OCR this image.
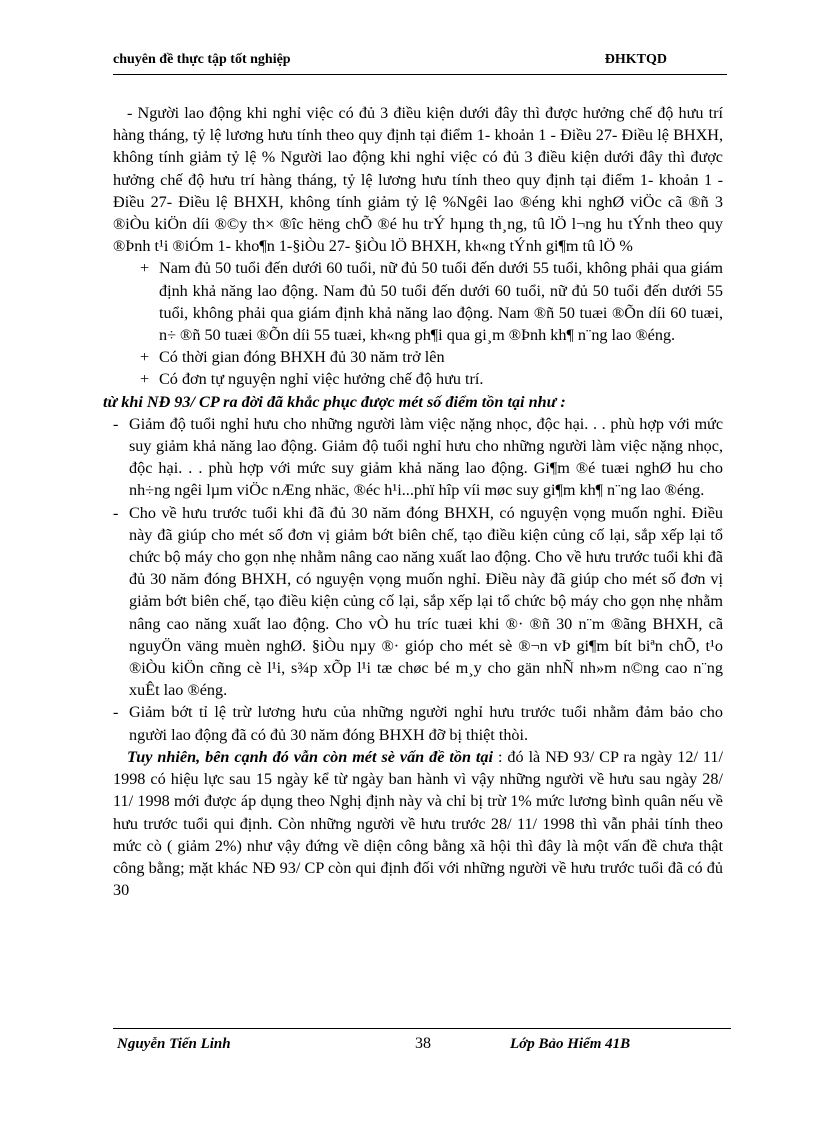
chuyên đề thực tập tốt nghiệp	ĐHKTQD

- Người lao động khi nghỉ việc có đủ 3 điều kiện dưới đây thì được hưởng chế độ hưu trí hàng tháng, tỷ lệ lương hưu tính theo quy định tại điểm 1- khoản 1 - Điều 27- Điều lệ BHXH, không tính giảm tỷ lệ % Người lao động khi nghỉ việc có đủ 3 điều kiện dưới đây thì được hưởng chế độ hưu trí hàng tháng, tỷ lệ lương hưu tính theo quy định tại điểm 1- khoản 1 - Điều 27- Điều lệ BHXH, không tính giảm tỷ lệ %Ngêi lao ®éng khi nghØ viÖc cã ®ñ 3 ®iÒu kiÖn díi ®©y th× ®îc hëng chÕ ®é hu trÝ hµng th¸ng, tû lÖ l¬ng hu tÝnh theo quy ®Þnh t¹i ®iÓm 1- kho¶n 1-§iÒu 27- §iÒu lÖ BHXH, kh«ng tÝnh gi¶m tû lÖ %

+ Nam đủ 50 tuổi đến dưới 60 tuổi, nữ đủ 50 tuổi đến dưới 55 tuổi, không phải qua giám định khả năng lao động. Nam đủ 50 tuổi đến dưới 60 tuổi, nữ đủ 50 tuổi đến dưới 55 tuổi, không phải qua giám định khả năng lao động. Nam ®ñ 50 tuæi ®Õn díi 60 tuæi, n÷ ®ñ 50 tuæi ®Õn díi 55 tuæi, kh«ng ph¶i qua gi¸m ®Þnh kh¶ n¨ng lao ®éng.
+ Có thời gian đóng BHXH đủ 30 năm trở lên
+ Có đơn tự nguyện nghỉ việc hưởng chế độ hưu trí.

từ khi NĐ 93/ CP ra đời đã khắc phục được mét số điểm tồn tại như :

- Giảm độ tuổi nghỉ hưu cho những người làm việc nặng nhọc, độc hại. . . phù hợp với mức suy giảm khả năng lao động. Giảm độ tuổi nghỉ hưu cho những người làm việc nặng nhọc, độc hại. . . phù hợp với mức suy giảm khả năng lao động. Gi¶m ®é tuæi nghØ hu cho nh÷ng ngêi lµm viÖc nÆng nhäc, ®éc h¹i...phï hîp víi møc suy gi¶m kh¶ n¨ng lao ®éng.
- Cho về hưu trước tuổi khi đã đủ 30 năm đóng BHXH, có nguyện vọng muốn nghỉ. Điều này đã giúp cho mét số đơn vị giảm bớt biên chế, tạo điều kiện củng cố lại, sắp xếp lại tổ chức bộ máy cho gọn nhẹ nhằm nâng cao năng xuất lao động. Cho về hưu trước tuổi khi đã đủ 30 năm đóng BHXH, có nguyện vọng muốn nghỉ. Điều này đã giúp cho mét số đơn vị giảm bớt biên chế, tạo điều kiện củng cố lại, sắp xếp lại tổ chức bộ máy cho gọn nhẹ nhằm nâng cao năng xuất lao động. Cho vÒ hu tríc tuæi khi ®· ®ñ 30 n¨m ®ãng BHXH, cã nguyÖn väng muèn nghØ. §iÒu nµy ®· gióp cho mét sè ®¬n vÞ gi¶m bít biªn chÕ, t¹o ®iÒu kiÖn cñng cè l¹i, s¾p xÕp l¹i tæ chøc bé m¸y cho gän nhÑ nh»m n©ng cao n¨ng xuÊt lao ®éng.
- Giảm bớt tỉ lệ trừ lương hưu của những người nghỉ hưu trước tuổi nhằm đảm bảo cho người lao động đã có đủ 30 năm đóng BHXH đỡ bị thiệt thòi.

Tuy nhiên, bên cạnh đó vẫn còn mét sè vấn đề tồn tại : đó là NĐ 93/ CP ra ngày 12/ 11/ 1998 có hiệu lực sau 15 ngày kể từ ngày ban hành vì vậy những người về hưu sau ngày 28/ 11/ 1998 mới được áp dụng theo Nghị định này và chỉ bị trừ 1% mức lương bình quân nếu về hưu trước tuổi qui định. Còn những người về hưu trước 28/ 11/ 1998 thì vẫn phải tính theo mức cò ( giảm 2%) như vậy đứng về diện công bằng xã hội thì đây là một vấn đề chưa thật công bằng; mặt khác NĐ 93/ CP còn qui định đối với những người về hưu trước tuổi đã có đủ 30

Nguyễn Tiến Linh	38	Lớp Bảo Hiểm 41B
